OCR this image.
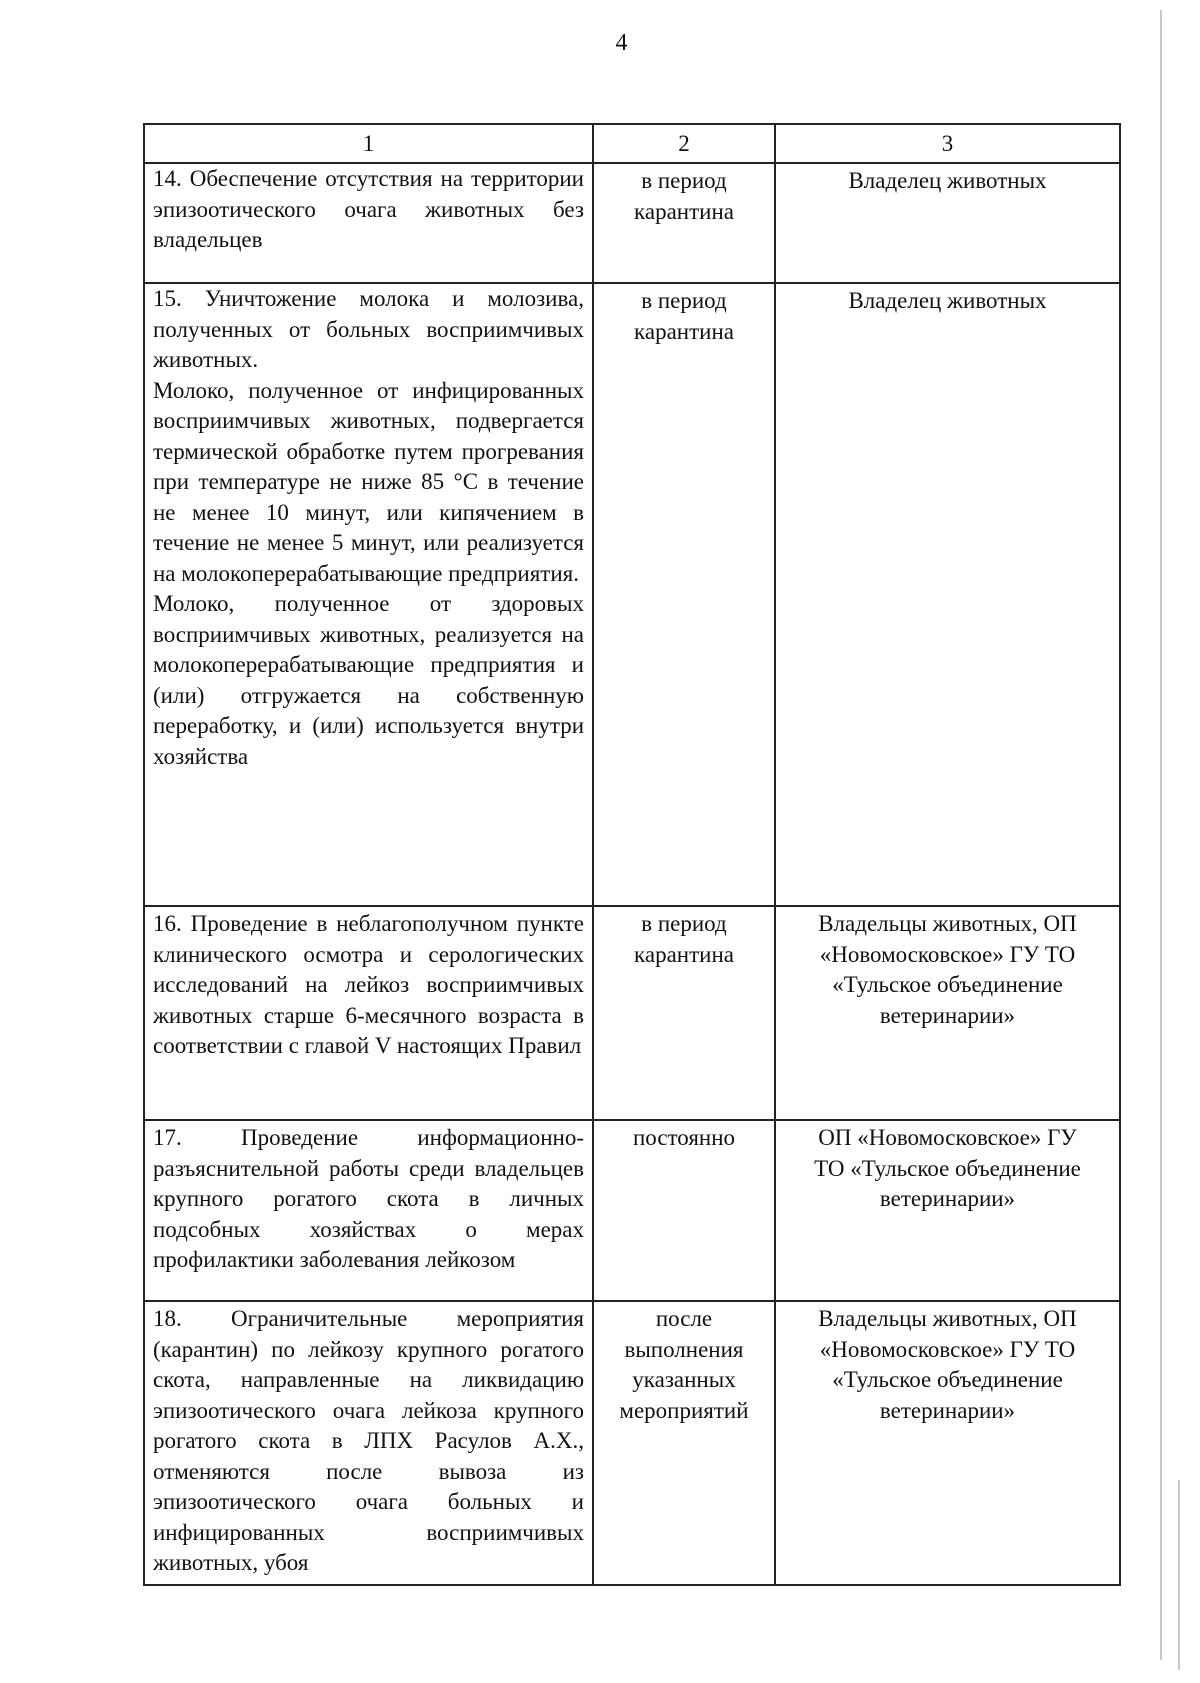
4
1	2	3
14. Обеспечение отсутствия на территории эпизоотического очага животных без владельцев	в период карантина	Владелец животных

15. Уничтожение молока и молозива, полученных от больных восприимчивых животных.

Молоко, полученное от инфицированных восприимчивых животных, подвергается термической обработке путем прогревания при температуре не ниже 85 °С в течение не менее 10 минут, или кипячением в течение не менее 5 минут, или реализуется на молокоперерабатывающие предприятия.

Молоко, полученное от здоровых восприимчивых животных, реализуется на молокоперерабатывающие предприятия и (или) отгружается на собственную переработку, и (или) используется внутри хозяйства	в период карантина	Владелец животных
16. Проведение в неблагополучном пункте клинического осмотра и серологических исследований на лейкоз восприимчивых животных старше 6-месячного возраста в соответствии с главой V настоящих Правил	в период карантина	Владельцы животных, ОП «Новомосковское» ГУ ТО «Тульское объединение ветеринарии»
17. Проведение информационно-разъяснительной работы среди владельцев крупного рогатого скота в личных подсобных хозяйствах о мерах профилактики заболевания лейкозом	постоянно	ОП «Новомосковское» ГУ ТО «Тульское объединение ветеринарии»
18. Ограничительные мероприятия (карантин) по лейкозу крупного рогатого скота, направленные на ликвидацию эпизоотического очага лейкоза крупного рогатого скота в ЛПХ Расулов А.Х., отменяются после вывоза из эпизоотического очага больных и инфицированных восприимчивых животных, убоя	после выполнения указанных мероприятий	Владельцы животных, ОП «Новомосковское» ГУ ТО «Тульское объединение ветеринарии»
